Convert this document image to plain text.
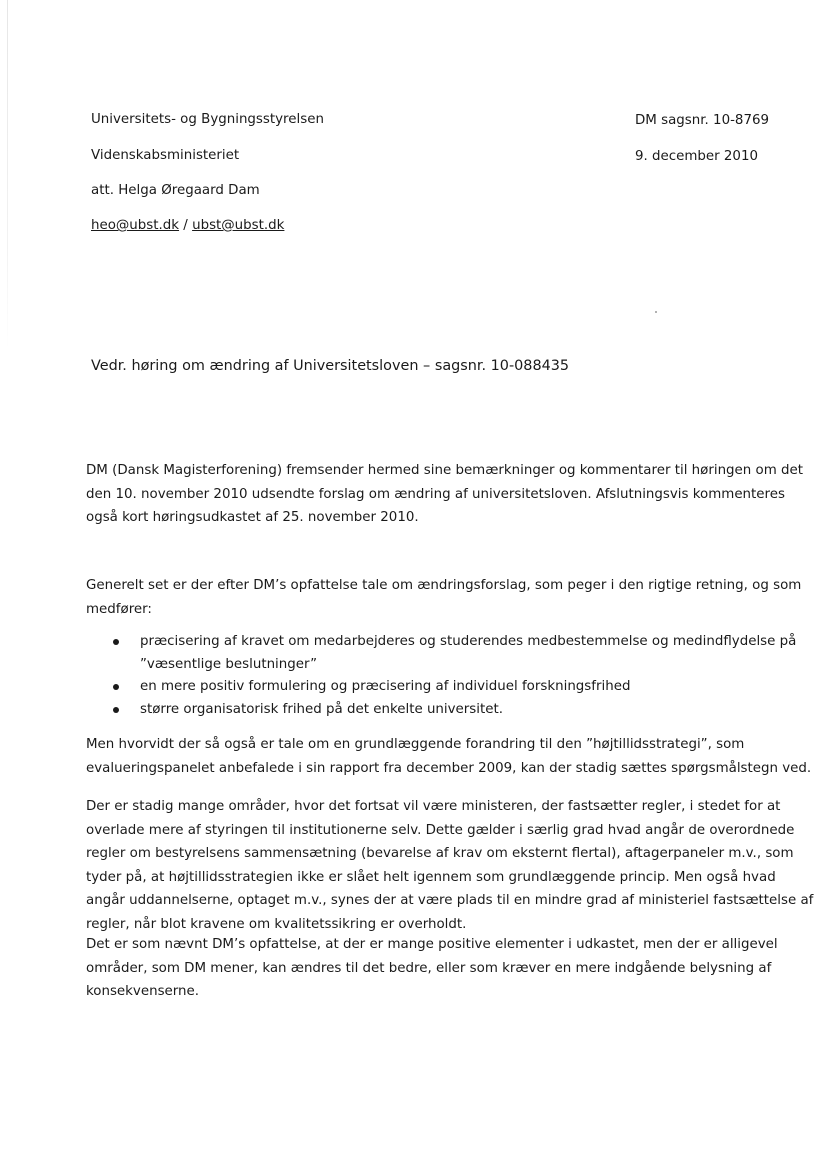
Universitets- og Bygningsstyrelsen
Videnskabsministeriet
att. Helga Øregaard Dam
heo@ubst.dk / ubst@ubst.dk
DM sagsnr. 10-8769
9. december 2010
Vedr. høring om ændring af Universitetsloven – sagsnr. 10-088435

DM (Dansk Magisterforening) fremsender hermed sine bemærkninger og kommentarer til høringen om det
den 10. november 2010 udsendte forslag om ændring af universitetsloven. Afslutningsvis kommenteres
også kort høringsudkastet af 25. november 2010.

Generelt set er der efter DM’s opfattelse tale om ændringsforslag, som peger i den rigtige retning, og som
medfører:

præcisering af kravet om medarbejderes og studerendes medbestemmelse og medindflydelse på
”væsentlige beslutninger”
en mere positiv formulering og præcisering af individuel forskningsfrihed
større organisatorisk frihed på det enkelte universitet.

Men hvorvidt der så også er tale om en grundlæggende forandring til den ”højtillidsstrategi”, som
evalueringspanelet anbefalede i sin rapport fra december 2009, kan der stadig sættes spørgsmålstegn ved.

Der er stadig mange områder, hvor det fortsat vil være ministeren, der fastsætter regler, i stedet for at
overlade mere af styringen til institutionerne selv. Dette gælder i særlig grad hvad angår de overordnede
regler om bestyrelsens sammensætning (bevarelse af krav om eksternt flertal), aftagerpaneler m.v., som
tyder på, at højtillidsstrategien ikke er slået helt igennem som grundlæggende princip. Men også hvad
angår uddannelserne, optaget m.v., synes der at være plads til en mindre grad af ministeriel fastsættelse af
regler, når blot kravene om kvalitetssikring er overholdt.

Det er som nævnt DM’s opfattelse, at der er mange positive elementer i udkastet, men der er alligevel
områder, som DM mener, kan ændres til det bedre, eller som kræver en mere indgående belysning af
konsekvenserne.
